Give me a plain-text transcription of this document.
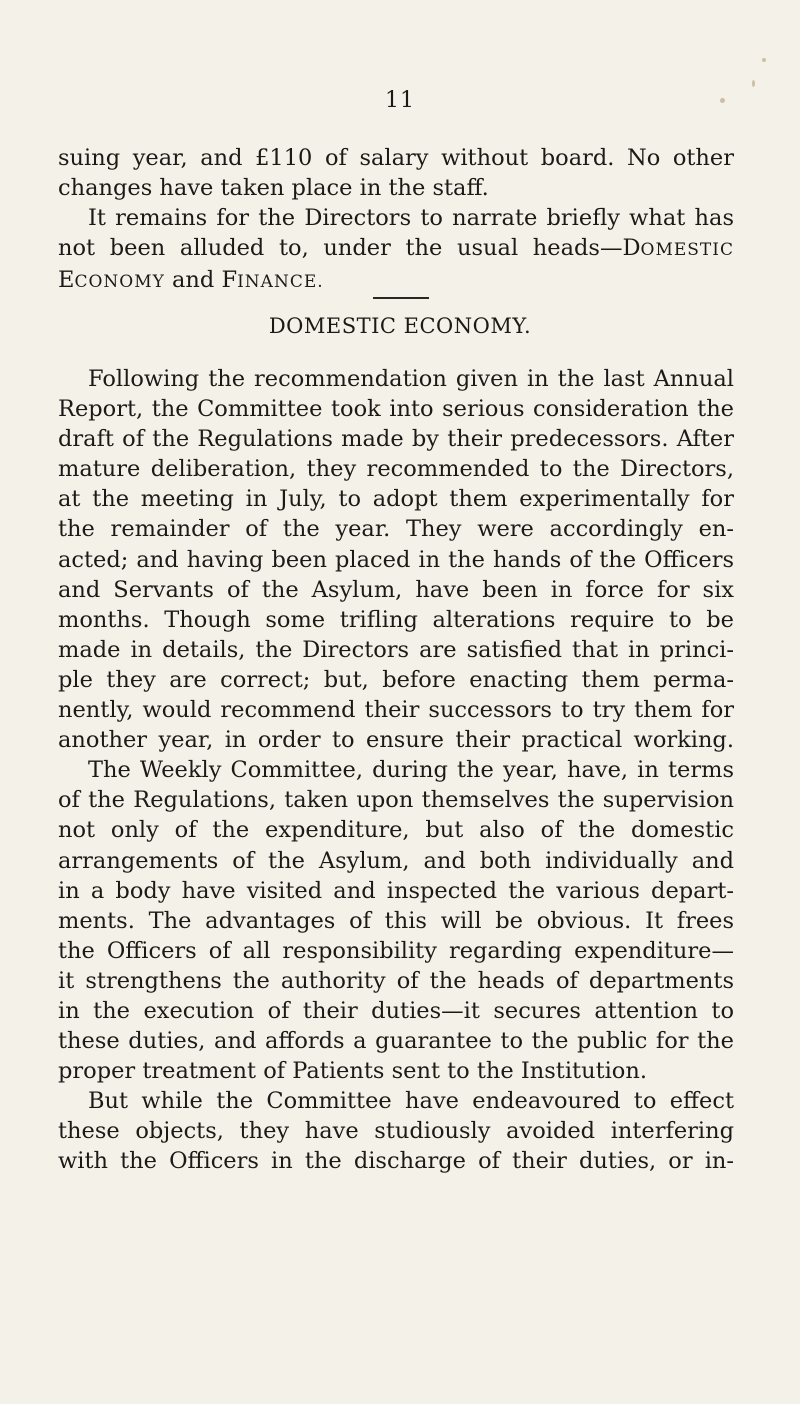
11
suing year, and £110 of salary without board. No other
changes have taken place in the staff.
It remains for the Directors to narrate briefly what has
not been alluded to, under the usual heads—DOMESTIC
ECONOMY and FINANCE.
DOMESTIC ECONOMY.
Following the recommendation given in the last Annual
Report, the Committee took into serious consideration the
draft of the Regulations made by their predecessors. After
mature deliberation, they recommended to the Directors,
at the meeting in July, to adopt them experimentally for
the remainder of the year. They were accordingly en-
acted; and having been placed in the hands of the Officers
and Servants of the Asylum, have been in force for six
months. Though some trifling alterations require to be
made in details, the Directors are satisfied that in princi-
ple they are correct; but, before enacting them perma-
nently, would recommend their successors to try them for
another year, in order to ensure their practical working.
The Weekly Committee, during the year, have, in terms
of the Regulations, taken upon themselves the supervision
not only of the expenditure, but also of the domestic
arrangements of the Asylum, and both individually and
in a body have visited and inspected the various depart-
ments. The advantages of this will be obvious. It frees
the Officers of all responsibility regarding expenditure—
it strengthens the authority of the heads of departments
in the execution of their duties—it secures attention to
these duties, and affords a guarantee to the public for the
proper treatment of Patients sent to the Institution.
But while the Committee have endeavoured to effect
these objects, they have studiously avoided interfering
with the Officers in the discharge of their duties, or in-
